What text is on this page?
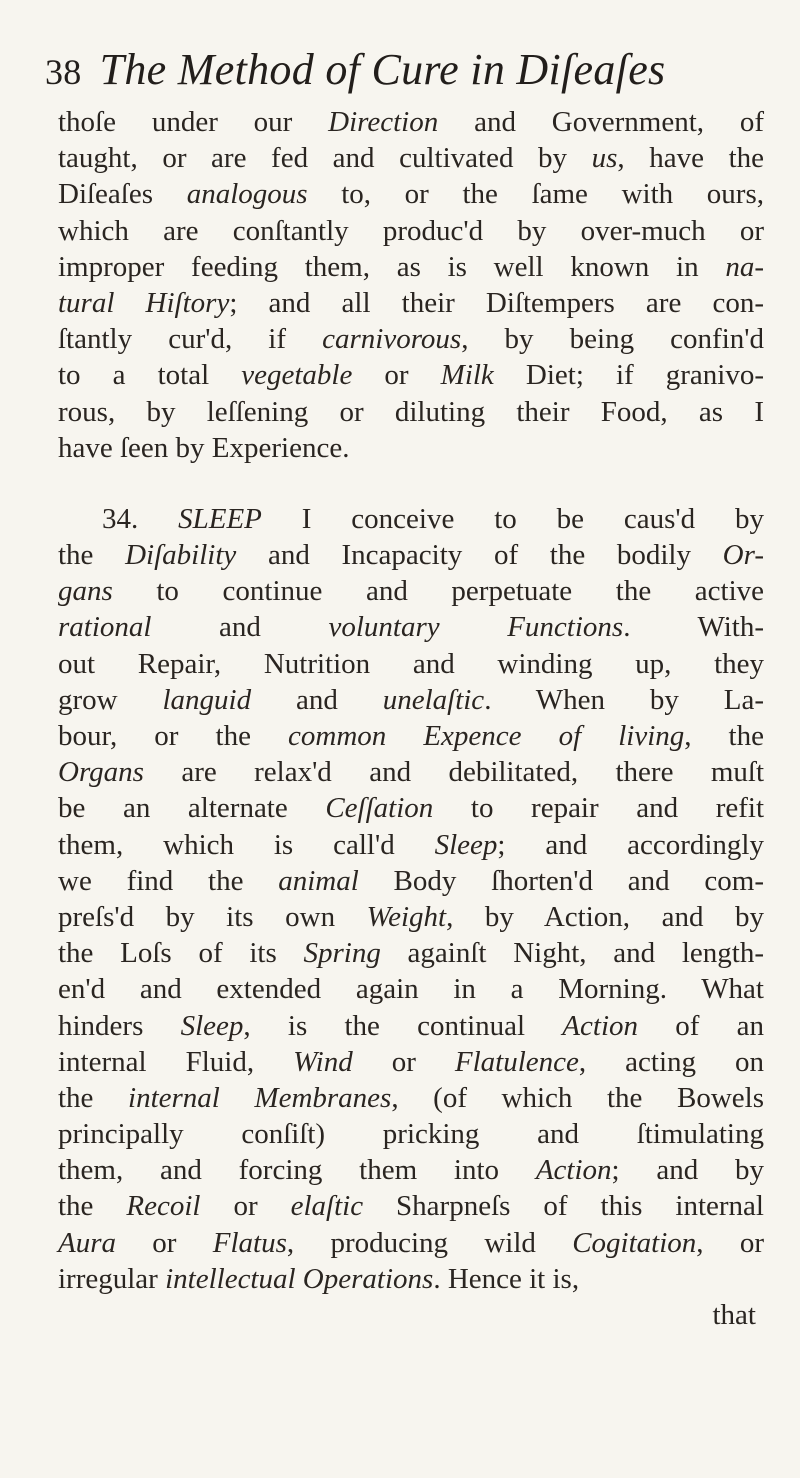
38 The Method of Cure in Diſeaſes
thoſe under our Direction and Government, of
taught, or are fed and cultivated by us, have the
Diſeaſes analogous to, or the ſame with ours,
which are conſtantly produc'd by over-much or
improper feeding them, as is well known in na-
tural Hiſtory; and all their Diſtempers are con-
ſtantly cur'd, if carnivorous, by being confin'd
to a total vegetable or Milk Diet; if granivo-
rous, by leſſening or diluting their Food, as I
have ſeen by Experience.
34. SLEEP I conceive to be caus'd by
the Diſability and Incapacity of the bodily Or-
gans to continue and perpetuate the active
rational and voluntary Functions. With-
out Repair, Nutrition and winding up, they
grow languid and unelaſtic. When by La-
bour, or the common Expence of living, the
Organs are relax'd and debilitated, there muſt
be an alternate Ceſſation to repair and refit
them, which is call'd Sleep; and accordingly
we find the animal Body ſhorten'd and com-
preſs'd by its own Weight, by Action, and by
the Loſs of its Spring againſt Night, and length-
en'd and extended again in a Morning. What
hinders Sleep, is the continual Action of an
internal Fluid, Wind or Flatulence, acting on
the internal Membranes, (of which the Bowels
principally conſiſt) pricking and ſtimulating
them, and forcing them into Action; and by
the Recoil or elaſtic Sharpneſs of this internal
Aura or Flatus, producing wild Cogitation, or
irregular intellectual Operations. Hence it is,
that
